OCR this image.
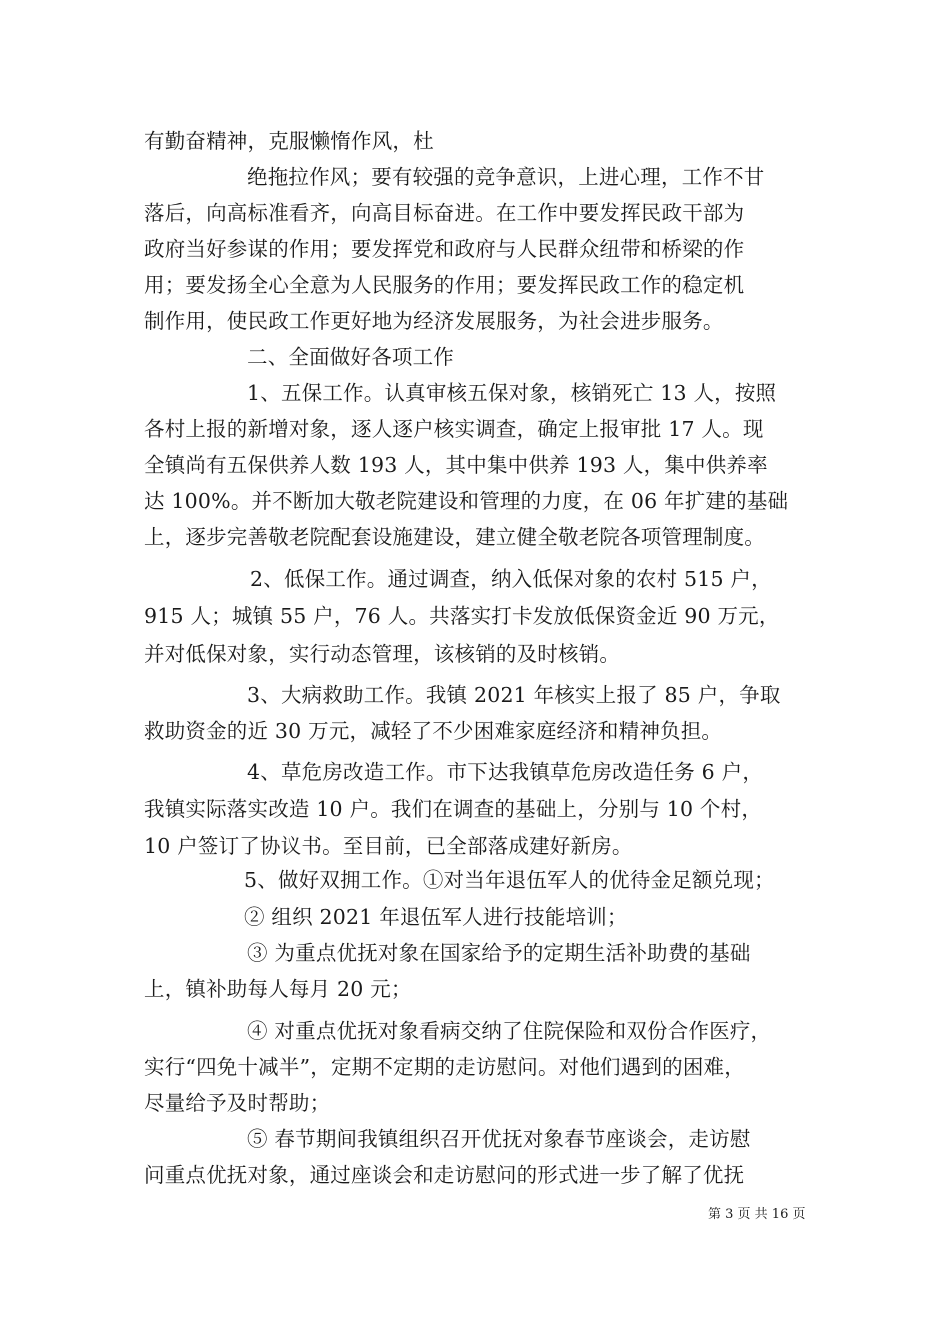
有勤奋精神，克服懒惰作风，杜

绝拖拉作风；要有较强的竞争意识，上进心理，工作不甘

落后，向高标准看齐，向高目标奋进。在工作中要发挥民政干部为

政府当好参谋的作用；要发挥党和政府与人民群众纽带和桥梁的作

用；要发扬全心全意为人民服务的作用；要发挥民政工作的稳定机

制作用，使民政工作更好地为经济发展服务，为社会进步服务。

二、全面做好各项工作

1、五保工作。认真审核五保对象，核销死亡 13 人，按照

各村上报的新增对象，逐人逐户核实调查，确定上报审批 17 人。现

全镇尚有五保供养人数 193 人，其中集中供养 193 人，集中供养率

达 100%。并不断加大敬老院建设和管理的力度，在 06 年扩建的基础

上，逐步完善敬老院配套设施建设，建立健全敬老院各项管理制度。

2、低保工作。通过调查，纳入低保对象的农村 515 户，

915 人；城镇 55 户，76 人。共落实打卡发放低保资金近 90 万元，

并对低保对象，实行动态管理，该核销的及时核销。

3、大病救助工作。我镇 2021 年核实上报了 85 户，争取

救助资金的近 30 万元，减轻了不少困难家庭经济和精神负担。

4、草危房改造工作。市下达我镇草危房改造任务 6 户，

我镇实际落实改造 10 户。我们在调查的基础上，分别与 10 个村，

10 户签订了协议书。至目前，已全部落成建好新房。

5、做好双拥工作。①对当年退伍军人的优待金足额兑现；

② 组织 2021 年退伍军人进行技能培训；

③ 为重点优抚对象在国家给予的定期生活补助费的基础

上，镇补助每人每月 20 元；

④ 对重点优抚对象看病交纳了住院保险和双份合作医疗，

实行“四免十减半”，定期不定期的走访慰问。对他们遇到的困难，

尽量给予及时帮助；

⑤ 春节期间我镇组织召开优抚对象春节座谈会，走访慰

问重点优抚对象，通过座谈会和走访慰问的形式进一步了解了优抚

第 3 页 共 16 页
